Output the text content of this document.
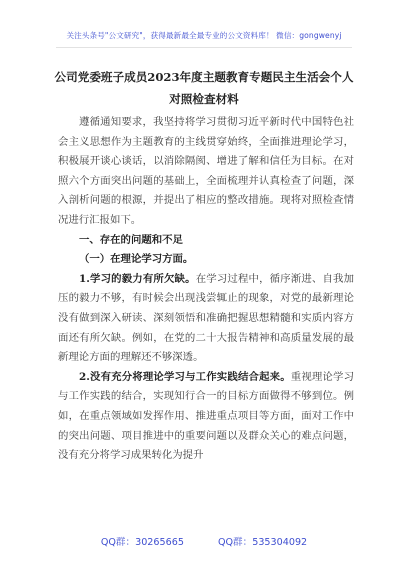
关注头条号"公文研究"，获得最新最全最专业的公文资料库！ 微信：gongwenyj
公司党委班子成员2023年度主题教育专题民主生活会个人
对照检查材料

遵循通知要求，我坚持将学习贯彻习近平新时代中国特色社会主义思想作为主题教育的主线贯穿始终，全面推进理论学习，积极展开谈心谈话，以消除隔阂、增进了解和信任为目标。在对照六个方面突出问题的基础上，全面梳理并认真检查了问题，深入剖析问题的根源，并提出了相应的整改措施。现将对照检查情况进行汇报如下。

一、存在的问题和不足

（一）在理论学习方面。

1.学习的毅力有所欠缺。在学习过程中，循序渐进、自我加压的毅力不够，有时候会出现浅尝辄止的现象，对党的最新理论没有做到深入研读、深刻领悟和准确把握思想精髓和实质内容方面还有所欠缺。例如，在党的二十大报告精神和高质量发展的最新理论方面的理解还不够深透。

2.没有充分将理论学习与工作实践结合起来。重视理论学习与工作实践的结合，实现知行合一的目标方面做得不够到位。例如，在重点领域如发挥作用、推进重点项目等方面，面对工作中的突出问题、项目推进中的重要问题以及群众关心的难点问题，没有充分将学习成果转化为提升

QQ群：30265665	QQ群：535304092
